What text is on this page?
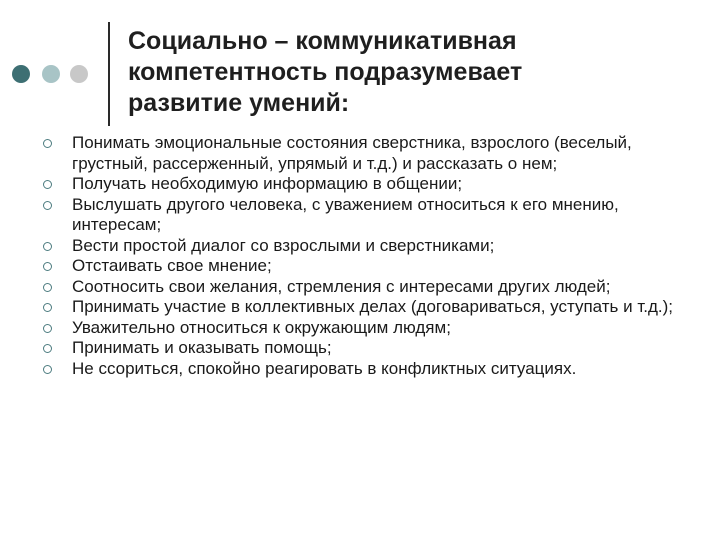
Социально – коммуникативная
компетентность подразумевает
развитие умений:
Понимать эмоциональные состояния сверстника, взрослого (веселый, грустный, рассерженный, упрямый и т.д.) и рассказать о нем;
Получать необходимую информацию в общении;
Выслушать другого человека, с уважением относиться к его мнению, интересам;
Вести простой диалог со взрослыми и сверстниками;
Отстаивать свое мнение;
Соотносить свои желания, стремления с интересами других людей;
Принимать участие в коллективных делах (договариваться, уступать и т.д.);
Уважительно относиться к окружающим людям;
Принимать и оказывать помощь;
Не ссориться, спокойно реагировать в конфликтных ситуациях.
